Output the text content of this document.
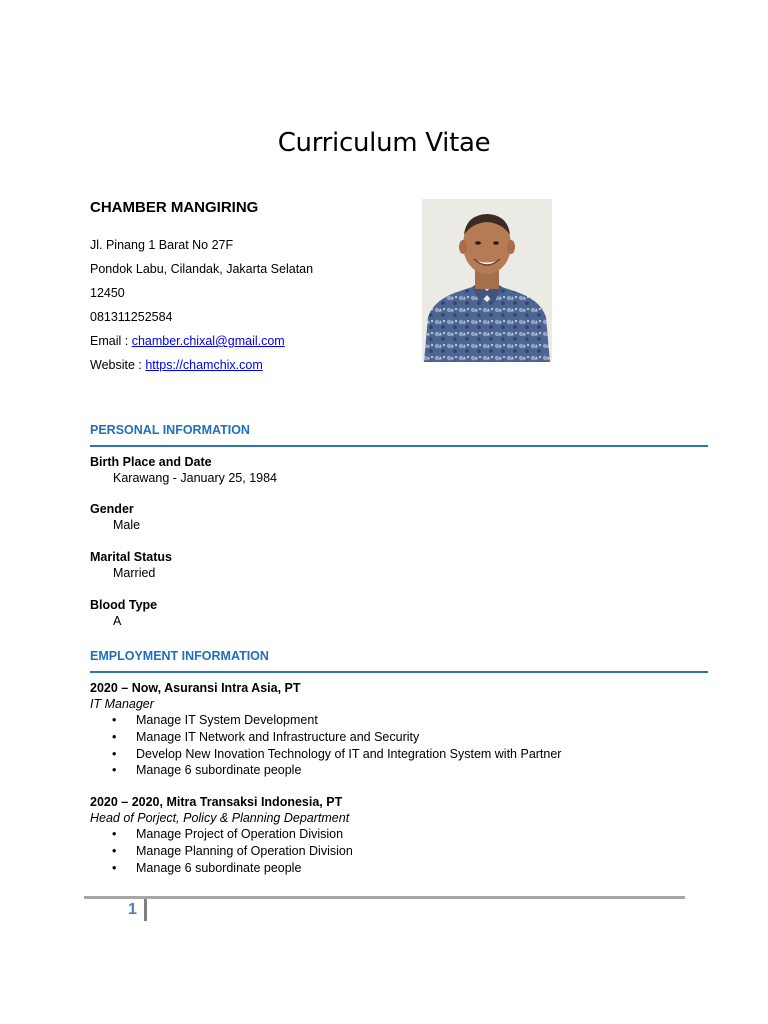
Curriculum Vitae
CHAMBER MANGIRING
Jl. Pinang 1 Barat No 27F
Pondok Labu, Cilandak, Jakarta Selatan
12450
081311252584
Email : chamber.chixal@gmail.com
Website : https://chamchix.com
PERSONAL INFORMATION
Birth Place and Date
Karawang - January 25, 1984
Gender
Male
Marital Status
Married
Blood Type
A
EMPLOYMENT INFORMATION
2020 – Now, Asuransi Intra Asia, PT
IT Manager
• Manage IT System Development
• Manage IT Network and Infrastructure and Security
• Develop New Inovation Technology of IT and Integration System with Partner
• Manage 6 subordinate people
2020 – 2020, Mitra Transaksi Indonesia, PT
Head of Porject, Policy & Planning Department
• Manage Project of Operation Division
• Manage Planning of Operation Division
• Manage 6 subordinate people
1
